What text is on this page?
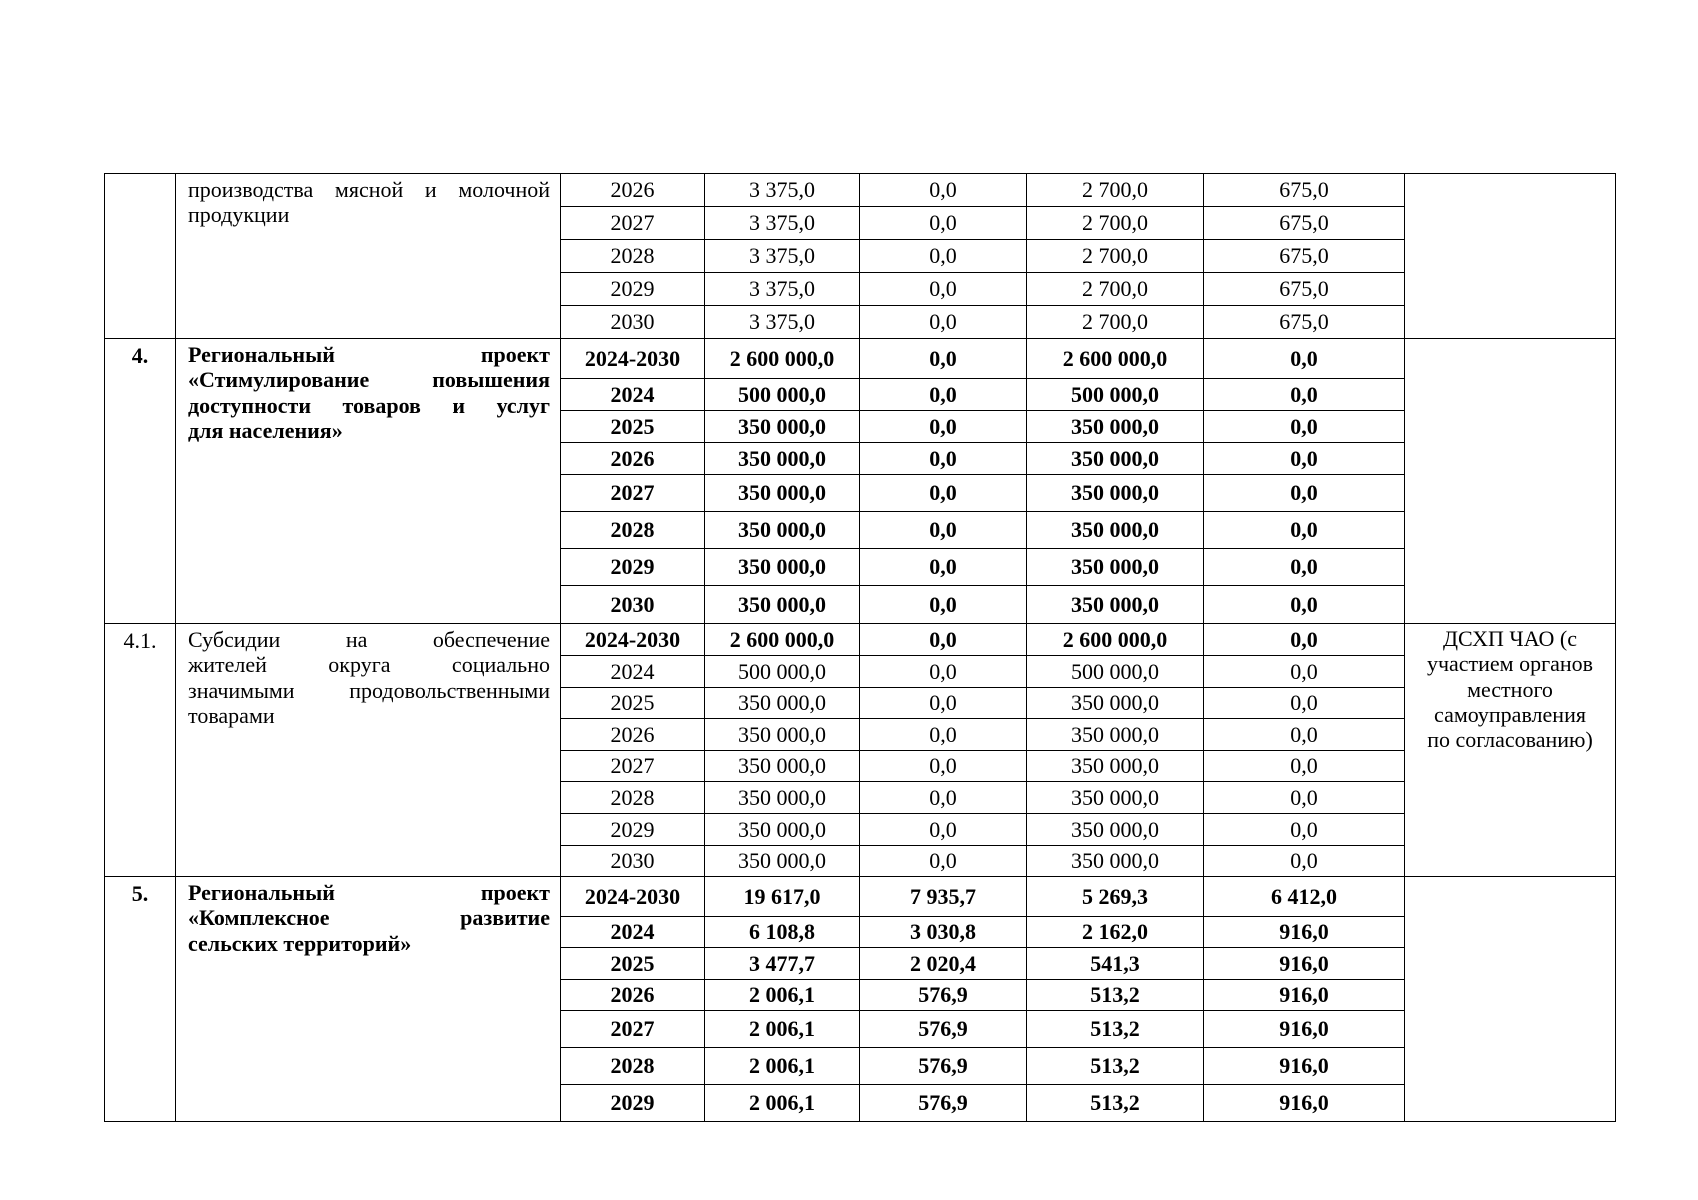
	производства мясной и молочной
продукции	2026	3 375,0	0,0	2 700,0	675,0	
		2027	3 375,0	0,0	2 700,0	675,0	
		2028	3 375,0	0,0	2 700,0	675,0	
		2029	3 375,0	0,0	2 700,0	675,0	
		2030	3 375,0	0,0	2 700,0	675,0	
4.	Региональный проект
«Стимулирование повышения
доступности товаров и услуг
для населения»	2024-2030	2 600 000,0	0,0	2 600 000,0	0,0	
		2024	500 000,0	0,0	500 000,0	0,0	
		2025	350 000,0	0,0	350 000,0	0,0	
		2026	350 000,0	0,0	350 000,0	0,0	
		2027	350 000,0	0,0	350 000,0	0,0	
		2028	350 000,0	0,0	350 000,0	0,0	
		2029	350 000,0	0,0	350 000,0	0,0	
		2030	350 000,0	0,0	350 000,0	0,0	
4.1.	Субсидии на обеспечение
жителей округа социально
значимыми продовольственными
товарами	2024-2030	2 600 000,0	0,0	2 600 000,0	0,0	ДСХП ЧАО (с
участием органов
местного
самоуправления
по согласованию)

		2024	500 000,0	0,0	500 000,0	0,0	
		2025	350 000,0	0,0	350 000,0	0,0	
		2026	350 000,0	0,0	350 000,0	0,0	
		2027	350 000,0	0,0	350 000,0	0,0	
		2028	350 000,0	0,0	350 000,0	0,0	
		2029	350 000,0	0,0	350 000,0	0,0	
		2030	350 000,0	0,0	350 000,0	0,0	
5.	Региональный проект
«Комплексное развитие
сельских территорий»	2024-2030	19 617,0	7 935,7	5 269,3	6 412,0	
		2024	6 108,8	3 030,8	2 162,0	916,0	
		2025	3 477,7	2 020,4	541,3	916,0	
		2026	2 006,1	576,9	513,2	916,0	
		2027	2 006,1	576,9	513,2	916,0	
		2028	2 006,1	576,9	513,2	916,0	
		2029	2 006,1	576,9	513,2	916,0	
